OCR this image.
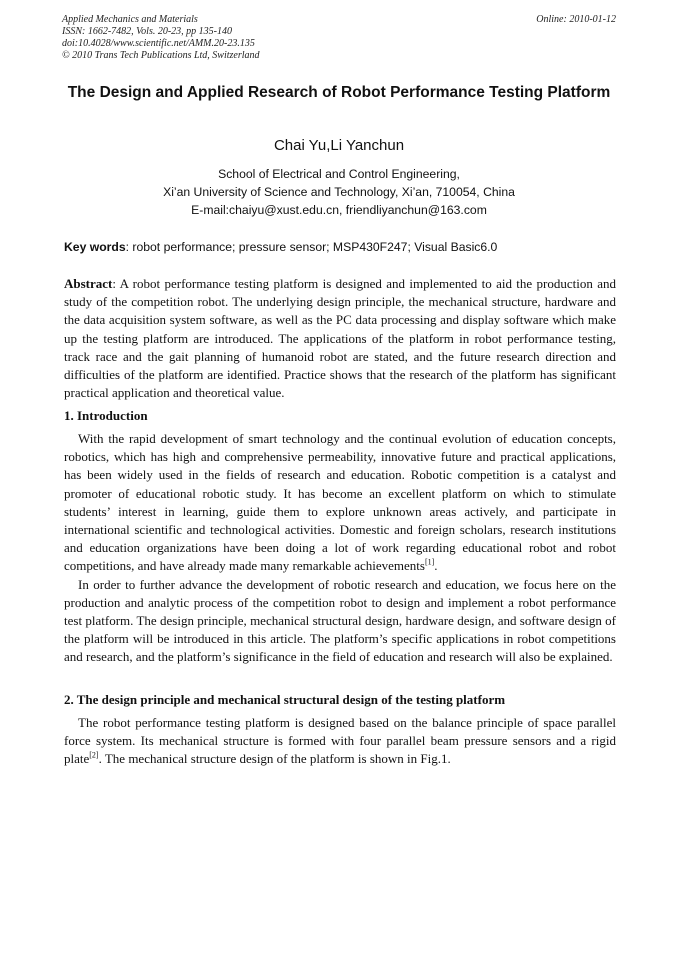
Applied Mechanics and Materials
ISSN: 1662-7482, Vols. 20-23, pp 135-140
doi:10.4028/www.scientific.net/AMM.20-23.135
© 2010 Trans Tech Publications Ltd, Switzerland
Online: 2010-01-12
The Design and Applied Research of Robot Performance Testing Platform
Chai Yu,Li Yanchun
School of Electrical and Control Engineering,
Xi’an University of Science and Technology, Xi’an, 710054, China
E-mail:chaiyu@xust.edu.cn, friendliyanchun@163.com
Key words: robot performance; pressure sensor; MSP430F247; Visual Basic6.0
Abstract: A robot performance testing platform is designed and implemented to aid the production and study of the competition robot. The underlying design principle, the mechanical structure, hardware and the data acquisition system software, as well as the PC data processing and display software which make up the testing platform are introduced. The applications of the platform in robot performance testing, track race and the gait planning of humanoid robot are stated, and the future research direction and difficulties of the platform are identified. Practice shows that the research of the platform has significant practical application and theoretical value.
1. Introduction

With the rapid development of smart technology and the continual evolution of education concepts, robotics, which has high and comprehensive permeability, innovative future and practical applications, has been widely used in the fields of research and education. Robotic competition is a catalyst and promoter of educational robotic study. It has become an excellent platform on which to stimulate students’ interest in learning, guide them to explore unknown areas actively, and participate in international scientific and technological activities. Domestic and foreign scholars, research institutions and education organizations have been doing a lot of work regarding educational robot and robot competitions, and have already made many remarkable achievements[1].

In order to further advance the development of robotic research and education, we focus here on the production and analytic process of the competition robot to design and implement a robot performance test platform. The design principle, mechanical structural design, hardware design, and software design of the platform will be introduced in this article. The platform’s specific applications in robot competitions and research, and the platform’s significance in the field of education and research will also be explained.

2. The design principle and mechanical structural design of the testing platform

The robot performance testing platform is designed based on the balance principle of space parallel force system. Its mechanical structure is formed with four parallel beam pressure sensors and a rigid plate[2]. The mechanical structure design of the platform is shown in Fig.1.
